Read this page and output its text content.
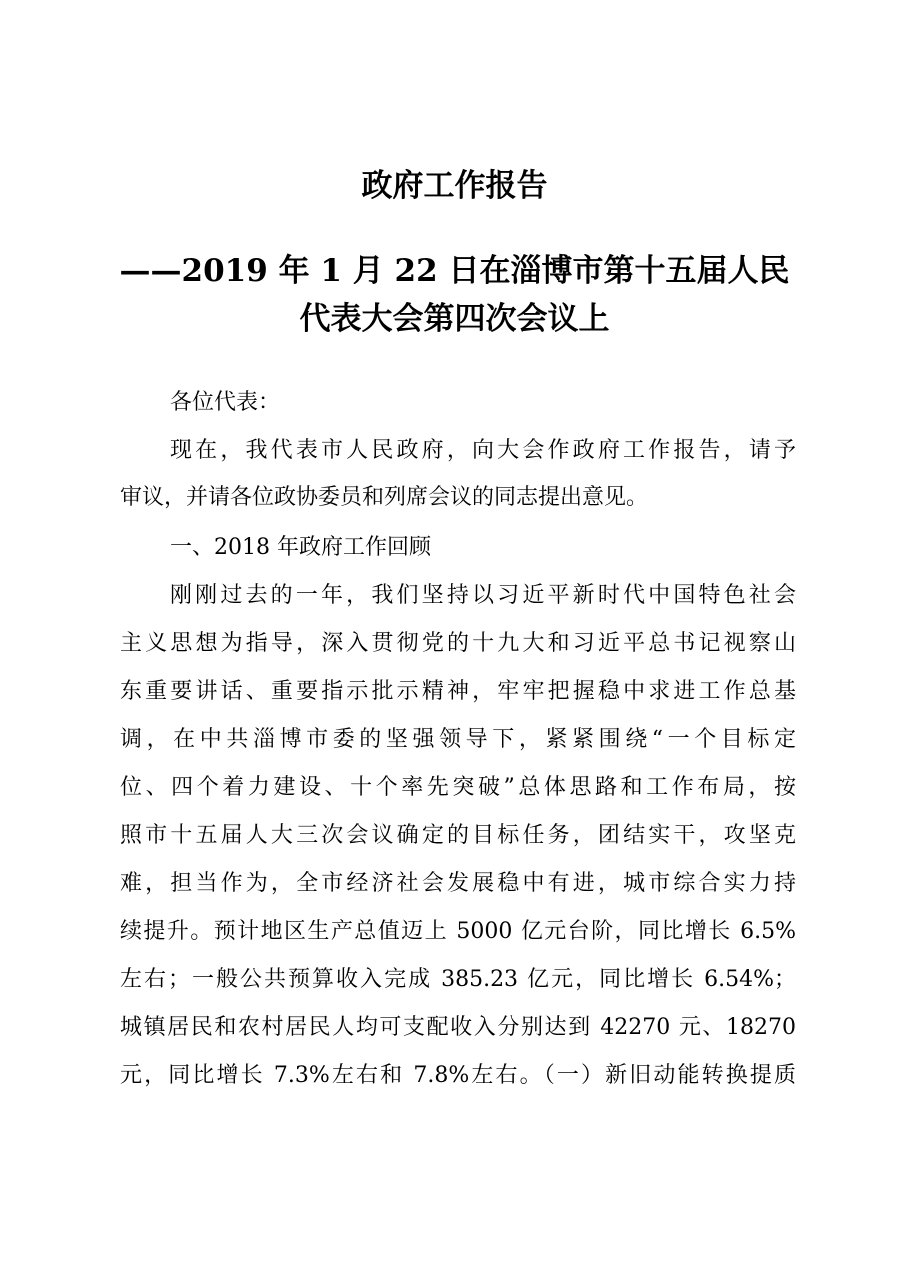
政府工作报告
——2019 年 1 月 22 日在淄博市第十五届人民
代表大会第四次会议上
各位代表：
现在，我代表市人民政府，向大会作政府工作报告，请予
审议，并请各位政协委员和列席会议的同志提出意见。
一、2018 年政府工作回顾
刚刚过去的一年，我们坚持以习近平新时代中国特色社会
主义思想为指导，深入贯彻党的十九大和习近平总书记视察山
东重要讲话、重要指示批示精神，牢牢把握稳中求进工作总基
调，在中共淄博市委的坚强领导下，紧紧围绕“一个目标定
位、四个着力建设、十个率先突破”总体思路和工作布局，按
照市十五届人大三次会议确定的目标任务，团结实干，攻坚克
难，担当作为，全市经济社会发展稳中有进，城市综合实力持
续提升。预计地区生产总值迈上 5000 亿元台阶，同比增长 6.5%
左右；一般公共预算收入完成 385.23 亿元，同比增长 6.54%；
城镇居民和农村居民人均可支配收入分别达到 42270 元、18270
元，同比增长 7.3%左右和 7.8%左右。（一）新旧动能转换提质
